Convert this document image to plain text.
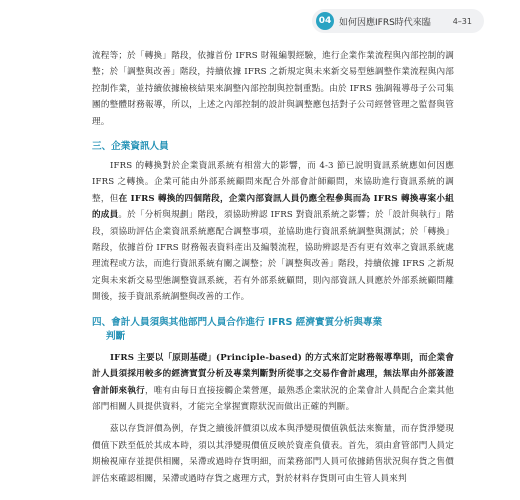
04 如何因應IFRS時代來臨	4–31

流程等；於「轉換」階段，依據首份 IFRS 財報編製經驗，進行企業作業流程與內部控制的調整；於「調整與改善」階段，持續依據 IFRS 之新規定與未來新交易型態調整作業流程與內部控制作業，並持續依據檢核結果來調整內部控制與控制重點。由於 IFRS 強調報導母子公司集團的整體財務報導，所以，上述之內部控制的設計與調整應包括對子公司經營管理之監督與管理。

三、企業資訊人員

IFRS 的轉換對於企業資訊系統有相當大的影響，而 4-3 節已說明資訊系統應如何因應 IFRS 之轉換。企業可能由外部系統顧問來配合外部會計師顧問，來協助進行資訊系統的調整，但在 IFRS 轉換的四個階段，企業內部資訊人員仍應全程參與而為 IFRS 轉換專案小組的成員。於「分析與規劃」階段，須協助辨認 IFRS 對資訊系統之影響；於「設計與執行」階段，須協助評估企業資訊系統應配合調整事項，並協助進行資訊系統調整與測試；於「轉換」階段，依據首份 IFRS 財務報表資料產出及編製流程，協助辨認是否有更有效率之資訊系統處理流程或方法，而進行資訊系統有關之調整；於「調整與改善」階段，持續依據 IFRS 之新規定與未來新交易型態調整資訊系統，若有外部系統顧問，則內部資訊人員應於外部系統顧問離開後，接手資訊系統調整與改善的工作。

四、會計人員須與其他部門人員合作進行 IFRS 經濟實質分析與專業
判斷

IFRS 主要以「原則基礎」(Principle-based) 的方式來訂定財務報導準則，而企業會計人員須採用較多的經濟實質分析及專業判斷對所從事之交易作會計處理，無法單由外部簽證會計師來執行，唯有由每日直接接觸企業營運，最熟悉企業狀況的企業會計人員配合企業其他部門相關人員提供資料，才能完全掌握實際狀況而做出正確的判斷。

茲以存貨評價為例，存貨之續後評價須以成本與淨變現價值孰低法來衡量，而存貨淨變現價值下跌至低於其成本時，須以其淨變現價值反映於資產負債表。首先，須由倉管部門人員定期檢視庫存並提供相關，呆滯或過時存貨明細，而業務部門人員可依據銷售狀況與存貨之售價評估來確認相關，呆滯或過時存貨之處理方式，對於材料存貨則可由生管人員來判
